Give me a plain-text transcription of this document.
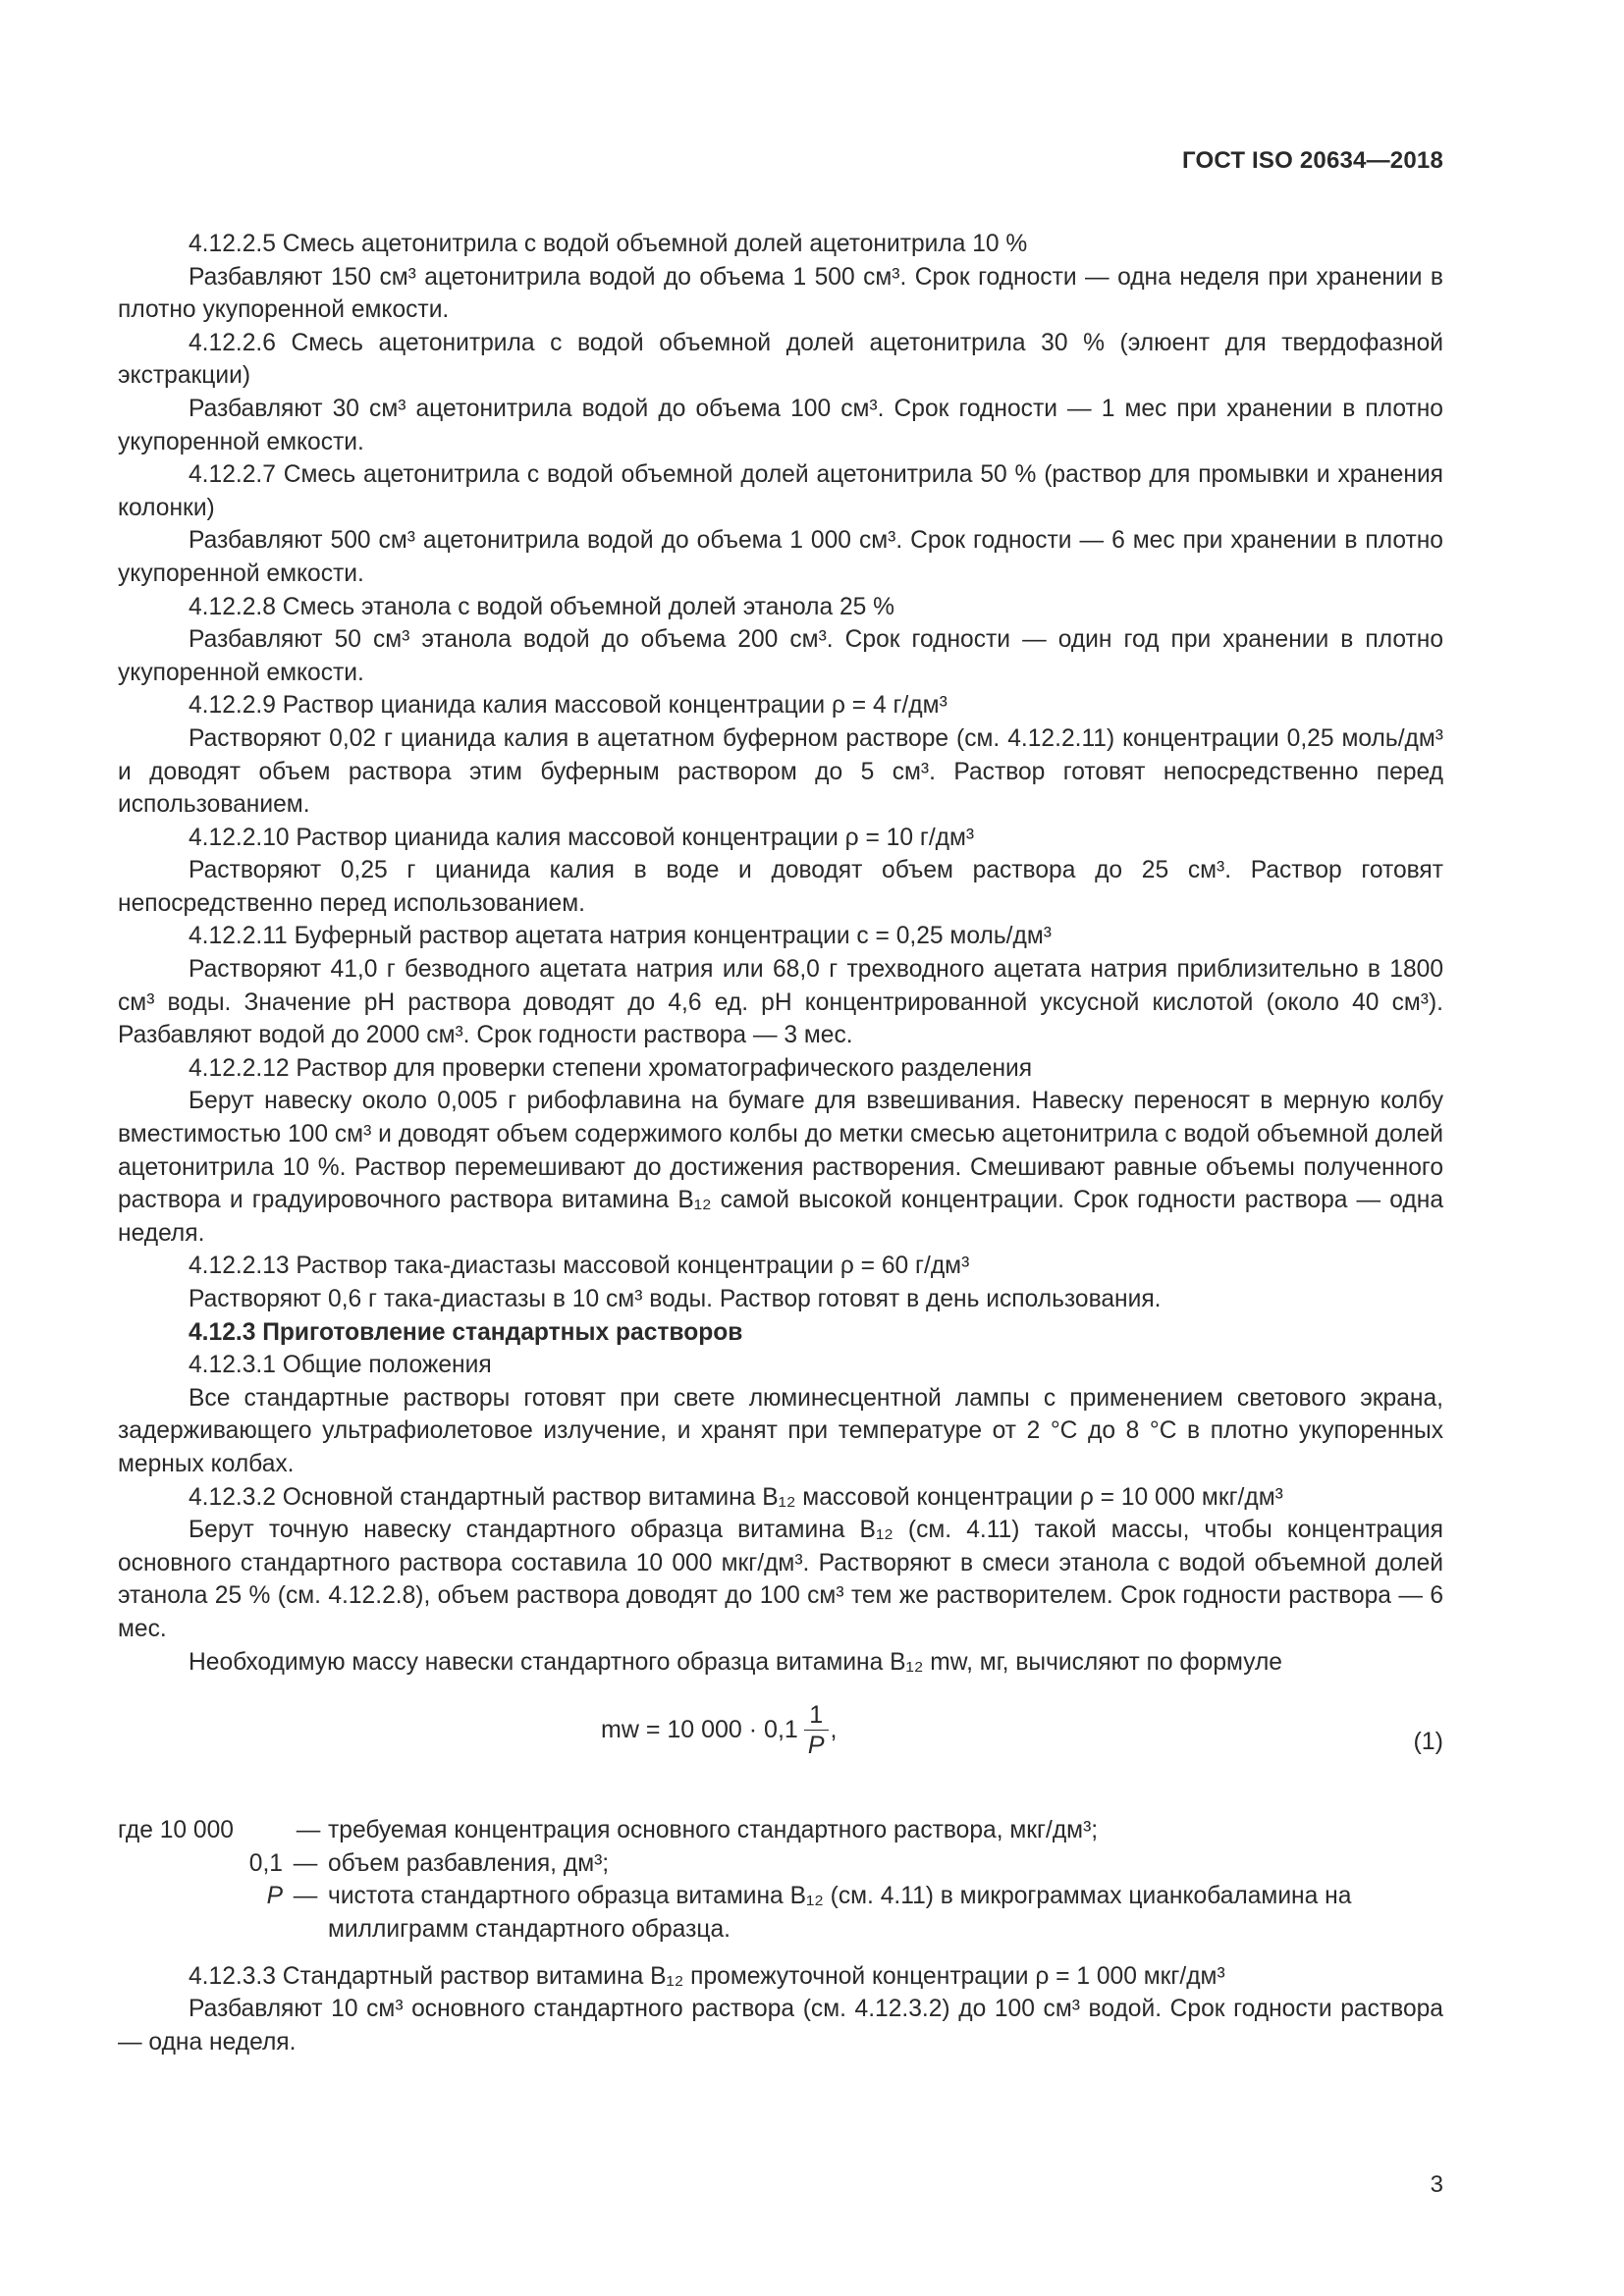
ГОСТ ISO 20634—2018

4.12.2.5 Смесь ацетонитрила с водой объемной долей ацетонитрила 10 %

Разбавляют 150 см³ ацетонитрила водой до объема 1 500 см³. Срок годности — одна неделя при хранении в плотно укупоренной емкости.

4.12.2.6 Смесь ацетонитрила с водой объемной долей ацетонитрила 30 % (элюент для твердофазной экстракции)

Разбавляют 30 см³ ацетонитрила водой до объема 100 см³. Срок годности — 1 мес при хранении в плотно укупоренной емкости.

4.12.2.7 Смесь ацетонитрила с водой объемной долей ацетонитрила 50 % (раствор для промывки и хранения колонки)

Разбавляют 500 см³ ацетонитрила водой до объема 1 000 см³. Срок годности — 6 мес при хранении в плотно укупоренной емкости.

4.12.2.8 Смесь этанола с водой объемной долей этанола 25 %

Разбавляют 50 см³ этанола водой до объема 200 см³. Срок годности — один год при хранении в плотно укупоренной емкости.

4.12.2.9 Раствор цианида калия массовой концентрации ρ = 4 г/дм³

Растворяют 0,02 г цианида калия в ацетатном буферном растворе (см. 4.12.2.11) концентрации 0,25 моль/дм³ и доводят объем раствора этим буферным раствором до 5 см³. Раствор готовят непосредственно перед использованием.

4.12.2.10 Раствор цианида калия массовой концентрации ρ = 10 г/дм³

Растворяют 0,25 г цианида калия в воде и доводят объем раствора до 25 см³. Раствор готовят непосредственно перед использованием.

4.12.2.11 Буферный раствор ацетата натрия концентрации c = 0,25 моль/дм³

Растворяют 41,0 г безводного ацетата натрия или 68,0 г трехводного ацетата натрия приблизительно в 1800 см³ воды. Значение pH раствора доводят до 4,6 ед. pH концентрированной уксусной кислотой (около 40 см³). Разбавляют водой до 2000 см³. Срок годности раствора — 3 мес.

4.12.2.12 Раствор для проверки степени хроматографического разделения

Берут навеску около 0,005 г рибофлавина на бумаге для взвешивания. Навеску переносят в мерную колбу вместимостью 100 см³ и доводят объем содержимого колбы до метки смесью ацетонитрила с водой объемной долей ацетонитрила 10 %. Раствор перемешивают до достижения растворения. Смешивают равные объемы полученного раствора и градуировочного раствора витамина B₁₂ самой высокой концентрации. Срок годности раствора — одна неделя.

4.12.2.13 Раствор така-диастазы массовой концентрации ρ = 60 г/дм³

Растворяют 0,6 г така-диастазы в 10 см³ воды. Раствор готовят в день использования.

4.12.3 Приготовление стандартных растворов

4.12.3.1 Общие положения

Все стандартные растворы готовят при свете люминесцентной лампы с применением светового экрана, задерживающего ультрафиолетовое излучение, и хранят при температуре от 2 °C до 8 °C в плотно укупоренных мерных колбах.

4.12.3.2 Основной стандартный раствор витамина B₁₂ массовой концентрации ρ = 10 000 мкг/дм³

Берут точную навеску стандартного образца витамина B₁₂ (см. 4.11) такой массы, чтобы концентрация основного стандартного раствора составила 10 000 мкг/дм³. Растворяют в смеси этанола с водой объемной долей этанола 25 % (см. 4.12.2.8), объем раствора доводят до 100 см³ тем же растворителем. Срок годности раствора — 6 мес.

Необходимую массу навески стандартного образца витамина B₁₂ mw, мг, вычисляют по формуле

mw = 10 $000 \cdot 0,1 \frac{1}{P}$ ,	(1)
где 10 000	— требуемая концентрация основного стандартного раствора, мкг/дм³;
0,1 — объем разбавления, дм³;
P — чистота стандартного образца витамина B₁₂ (см. 4.11) в микрограммах цианкобаламина на миллиграмм стандартного образца.

4.12.3.3 Стандартный раствор витамина B₁₂ промежуточной концентрации ρ = 1 000 мкг/дм³

Разбавляют 10 см³ основного стандартного раствора (см. 4.12.3.2) до 100 см³ водой. Срок годности раствора — одна неделя.

3
